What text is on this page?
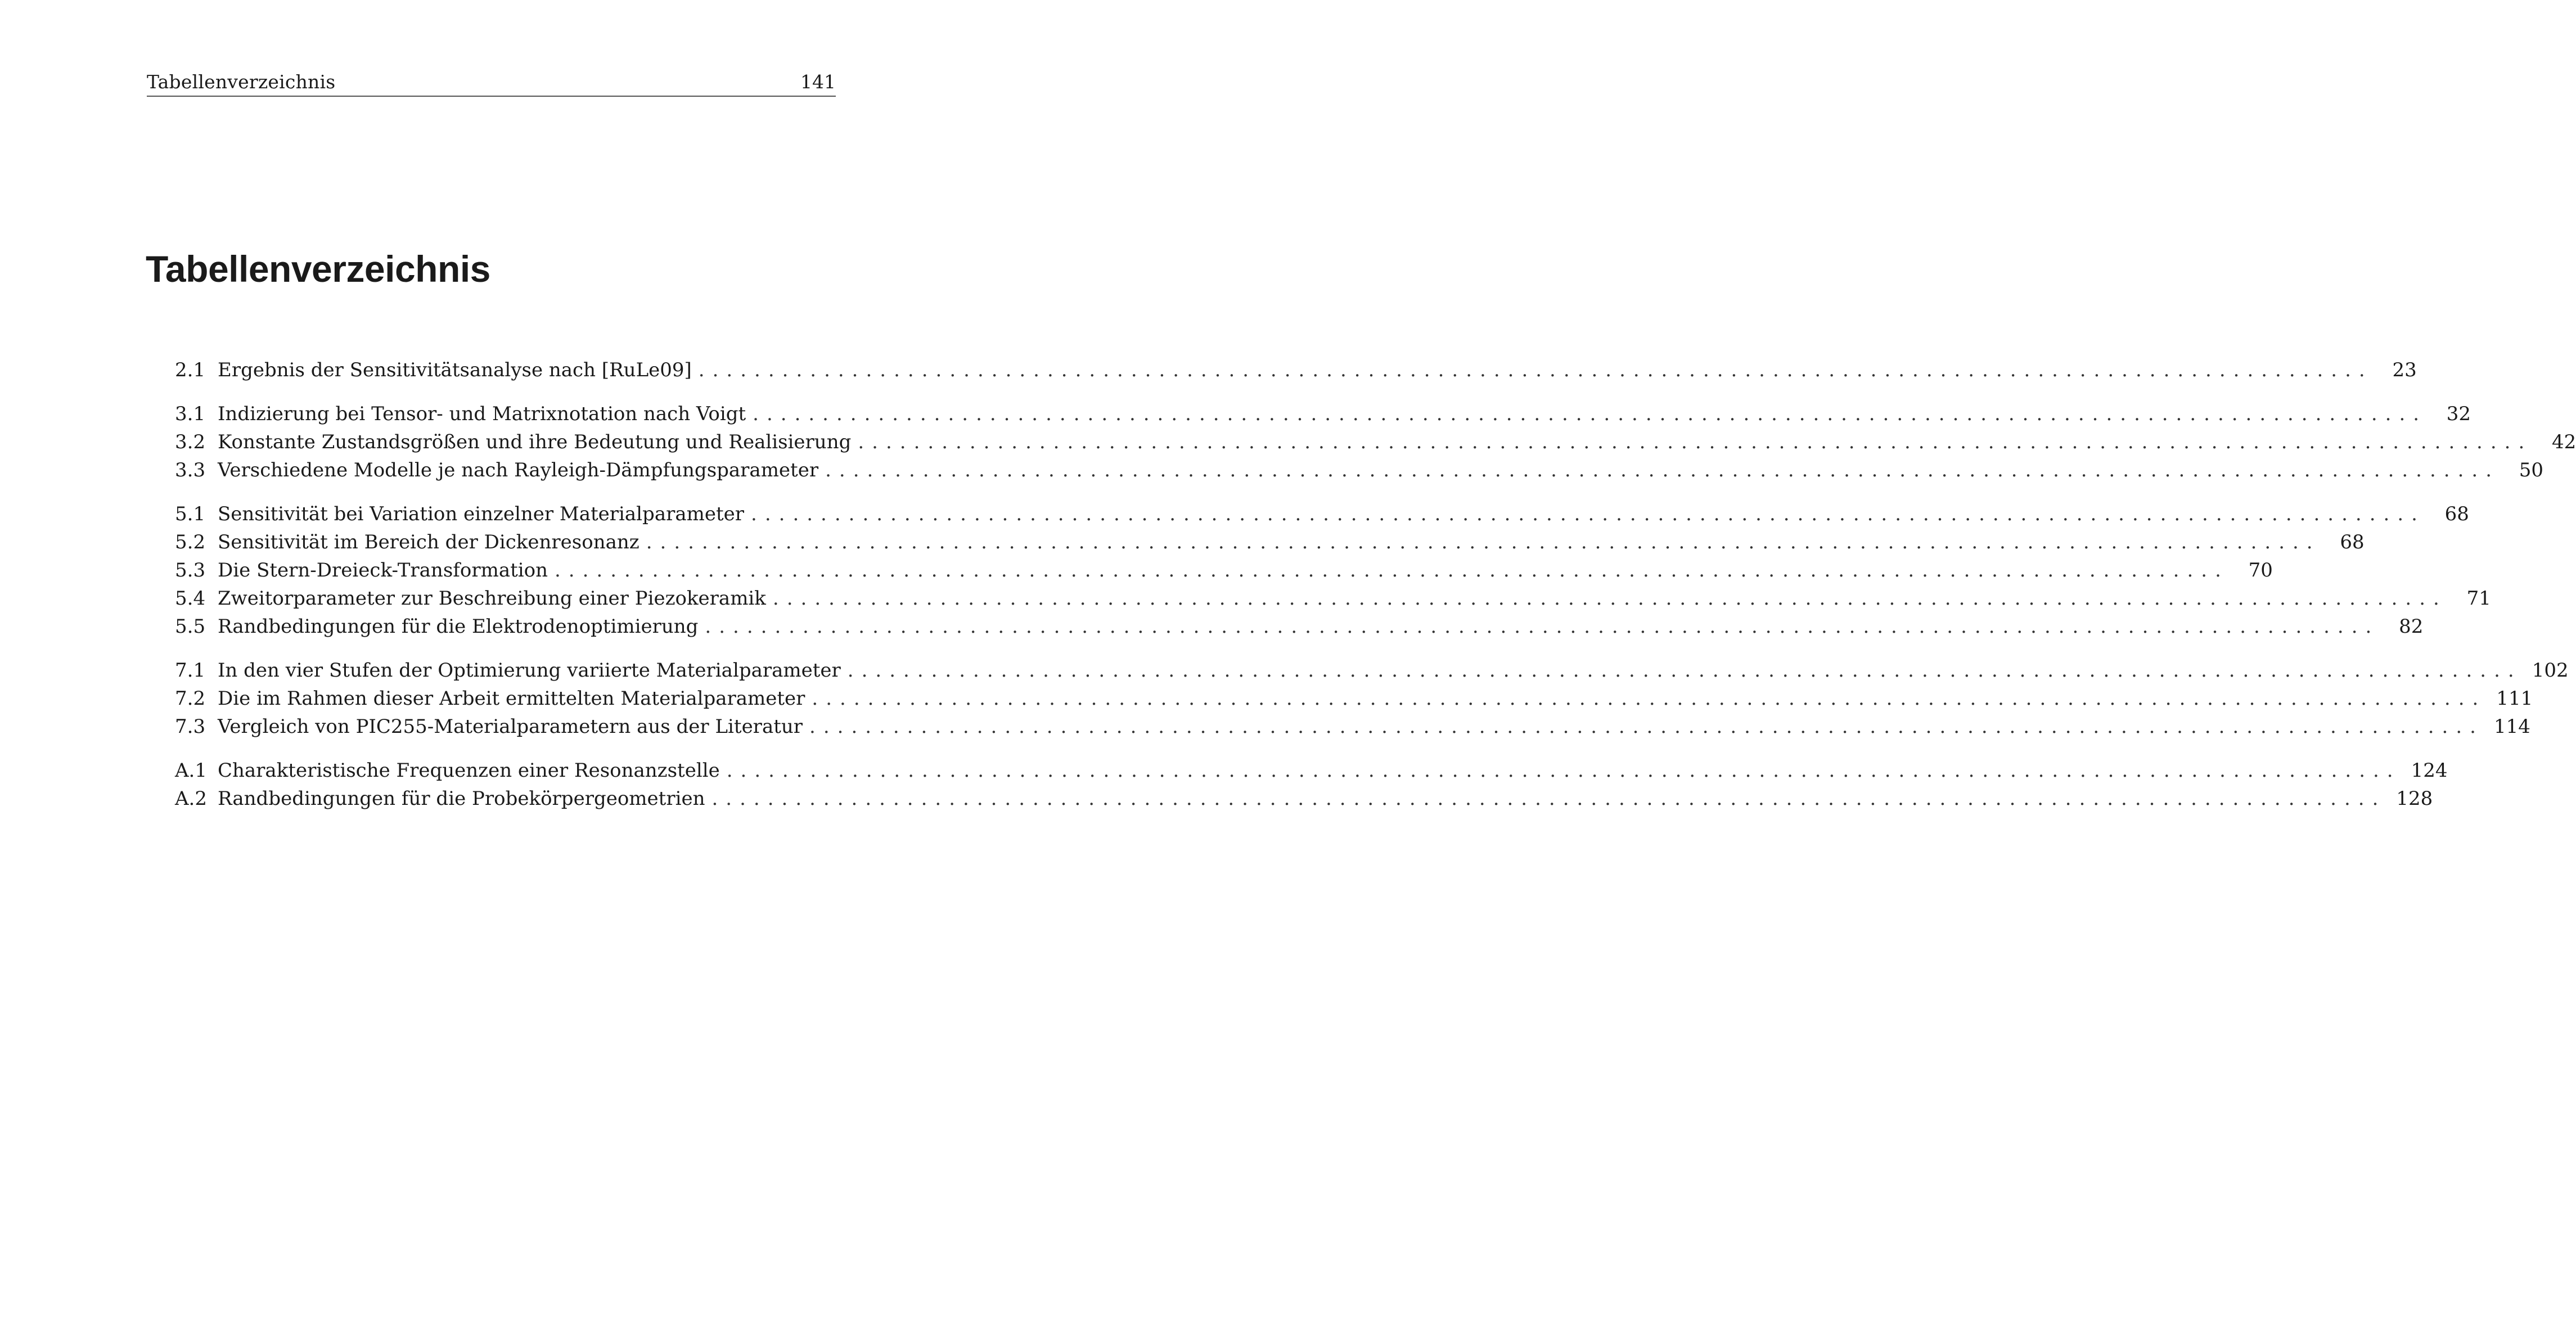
Tabellenverzeichnis	141
Tabellenverzeichnis
2.1 Ergebnis der Sensitivitätsanalyse nach [RuLe09] ........................................................................................................................	23
3.1 Indizierung bei Tensor- und Matrixnotation nach Voigt ........................................................................................................................	32
3.2 Konstante Zustandsgrößen und ihre Bedeutung und Realisierung ........................................................................................................................	42
3.3 Verschiedene Modelle je nach Rayleigh-Dämpfungsparameter ........................................................................................................................	50
5.1 Sensitivität bei Variation einzelner Materialparameter ........................................................................................................................	68
5.2 Sensitivität im Bereich der Dickenresonanz ........................................................................................................................	68
5.3 Die Stern-Dreieck-Transformation ........................................................................................................................	70
5.4 Zweitorparameter zur Beschreibung einer Piezokeramik ........................................................................................................................	71
5.5 Randbedingungen für die Elektrodenoptimierung ........................................................................................................................	82
7.1 In den vier Stufen der Optimierung variierte Materialparameter ........................................................................................................................ 102
7.2 Die im Rahmen dieser Arbeit ermittelten Materialparameter ........................................................................................................................ 111
7.3 Vergleich von PIC255-Materialparametern aus der Literatur ........................................................................................................................ 114
A.1 Charakteristische Frequenzen einer Resonanzstelle ........................................................................................................................ 124
A.2 Randbedingungen für die Probekörpergeometrien ........................................................................................................................ 128
